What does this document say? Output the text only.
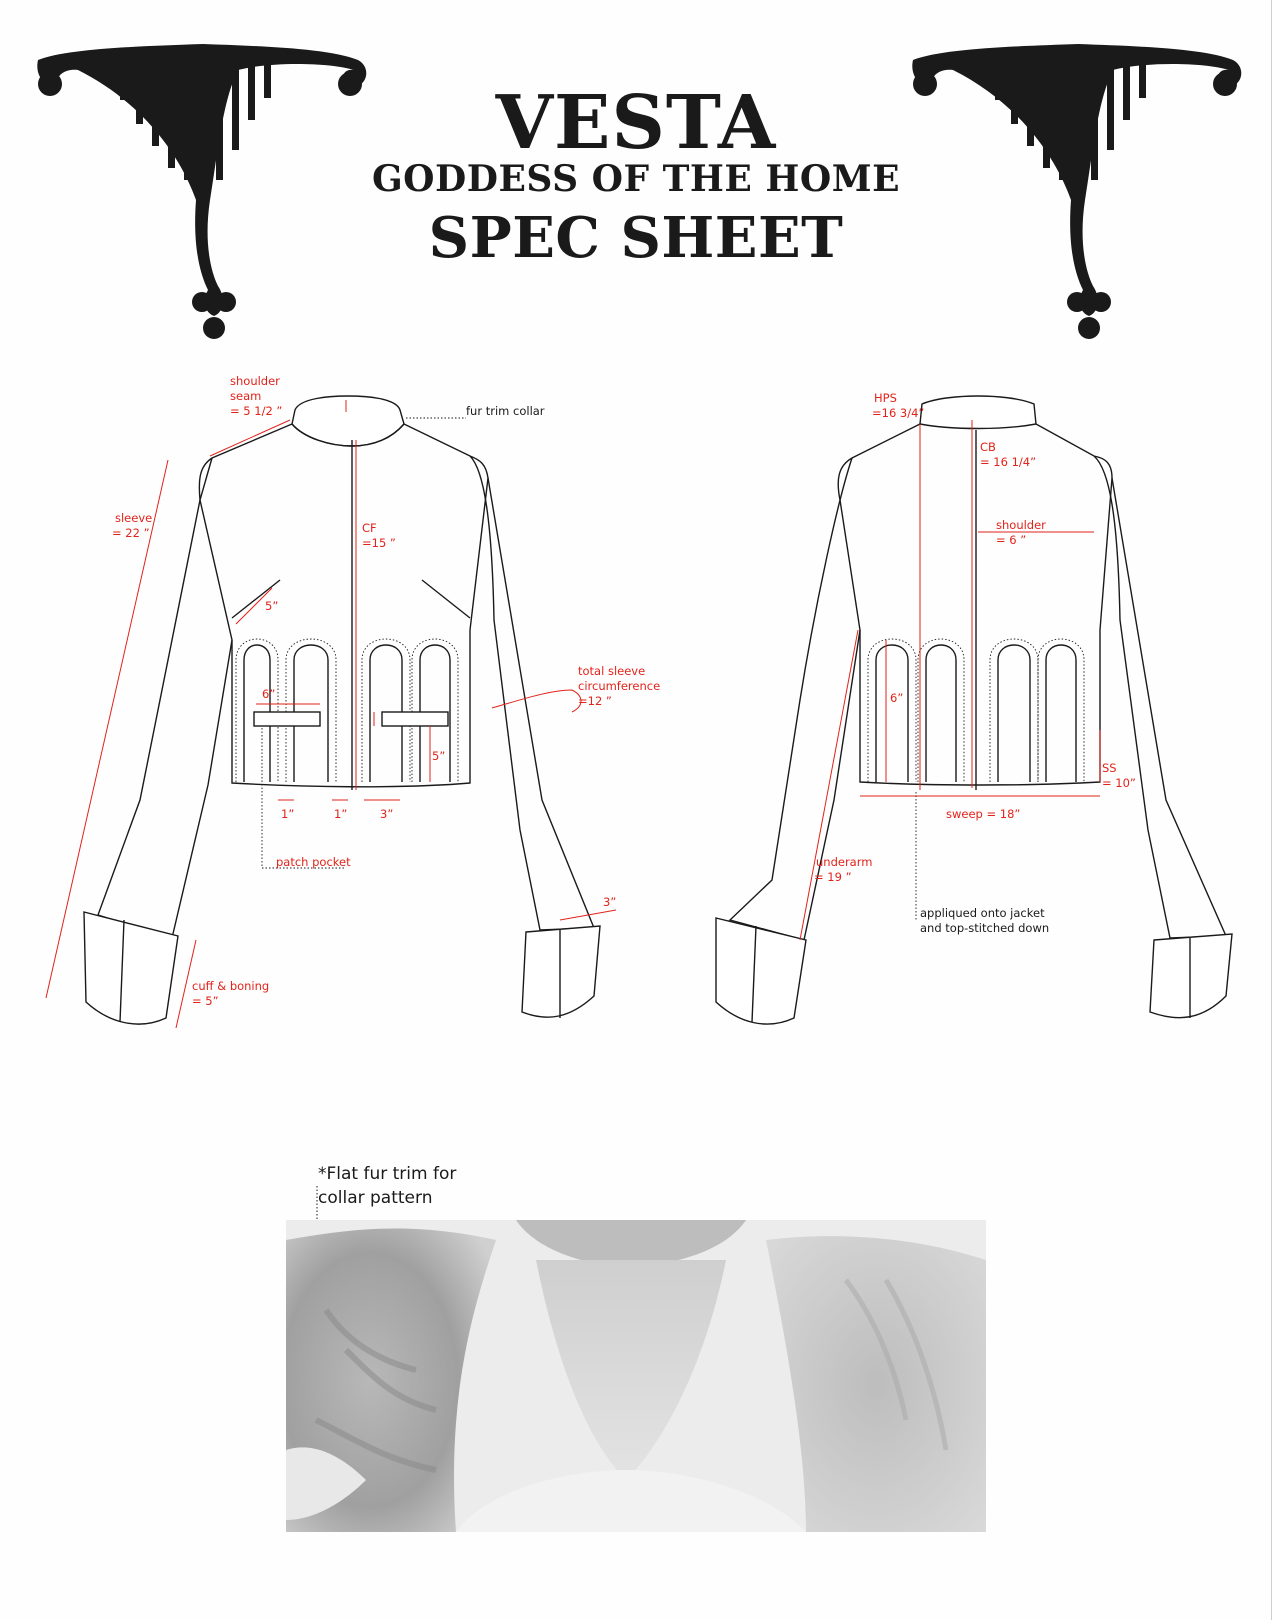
VESTA
GODDESS OF THE HOME
SPEC SHEET
shoulder
seam
= 5 1/2 ”	fur trim collar
sleeve
= 22 ”	CF
=15 ”
5”
total sleeve
circumference
=12 ”
6”
5”
1”	1”	3”
patch pocket
3”
cuff & boning
= 5”
HPS
=16 3/4”
CB
= 16 1/4”
shoulder
= 6 ”
6”
SS
= 10”
sweep = 18”
underarm
= 19 ”
appliqued onto jacket
and top-stitched down
*Flat fur trim for
collar pattern
